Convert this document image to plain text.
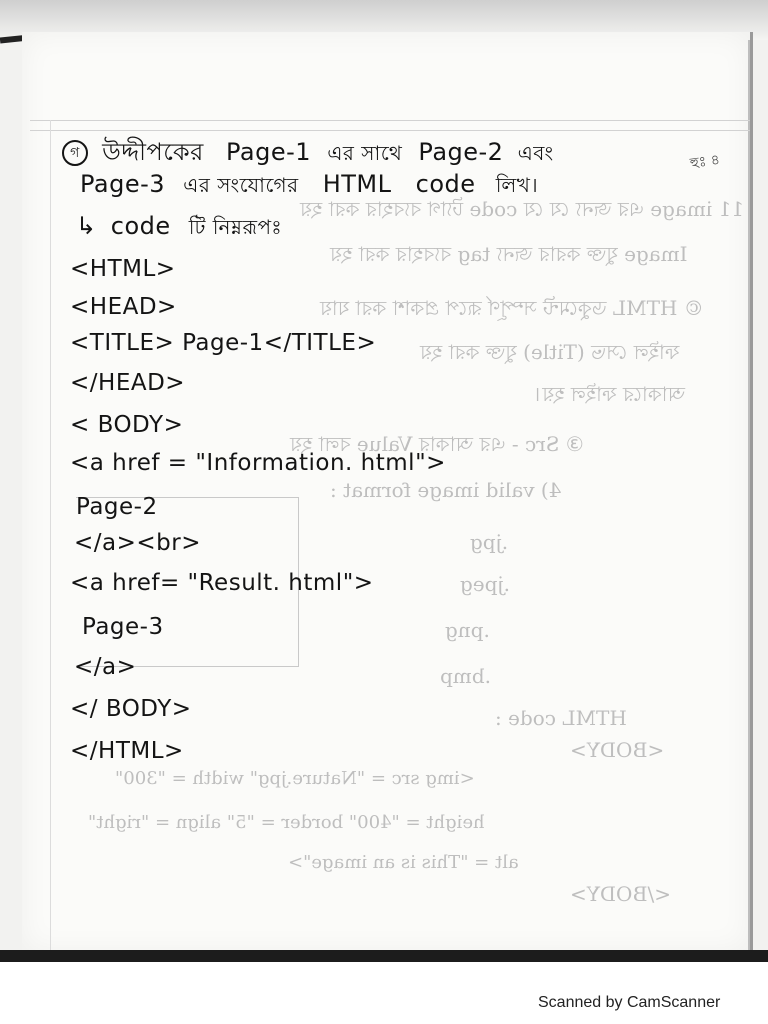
11 image এর জন্য যে যে code ট্যাগ ব্যবহার করা হয়
Image যুক্ত করার জন্য tag ব্যবহার করা হয়
© HTML ডকুমেন্ট সম্পূর্ণ রূপে প্রকাশ করা যায়
ফাইল সেভ (Title) যুক্ত করা হয়
আকারে ফাইল হয়।
③ Src - এর আকার Value বলা হয়
4) valid image format :
.jpg
.jpeg
.png
.bmp
HTML code :
<BODY>
<img src = "Nature.jpg" width = "300"
height = "400" border = "5" align = "right"
alt = "This is an image">
</BODY>
গ উদ্দীপকের Page-1 এর সাথে Page-2 এবং	হুঃ ৪
Page-3 এর সংযোগের HTML code লিখ।
↳ code টি নিম্নরূপঃ
<HTML>
<HEAD>
<TITLE> Page-1</TITLE>
</HEAD>
< BODY>
<a href = "Information. html">
Page-2
</a><br>
<a href= "Result. html">
Page-3
</a>
</ BODY>
</HTML>
Scanned by CamScanner
